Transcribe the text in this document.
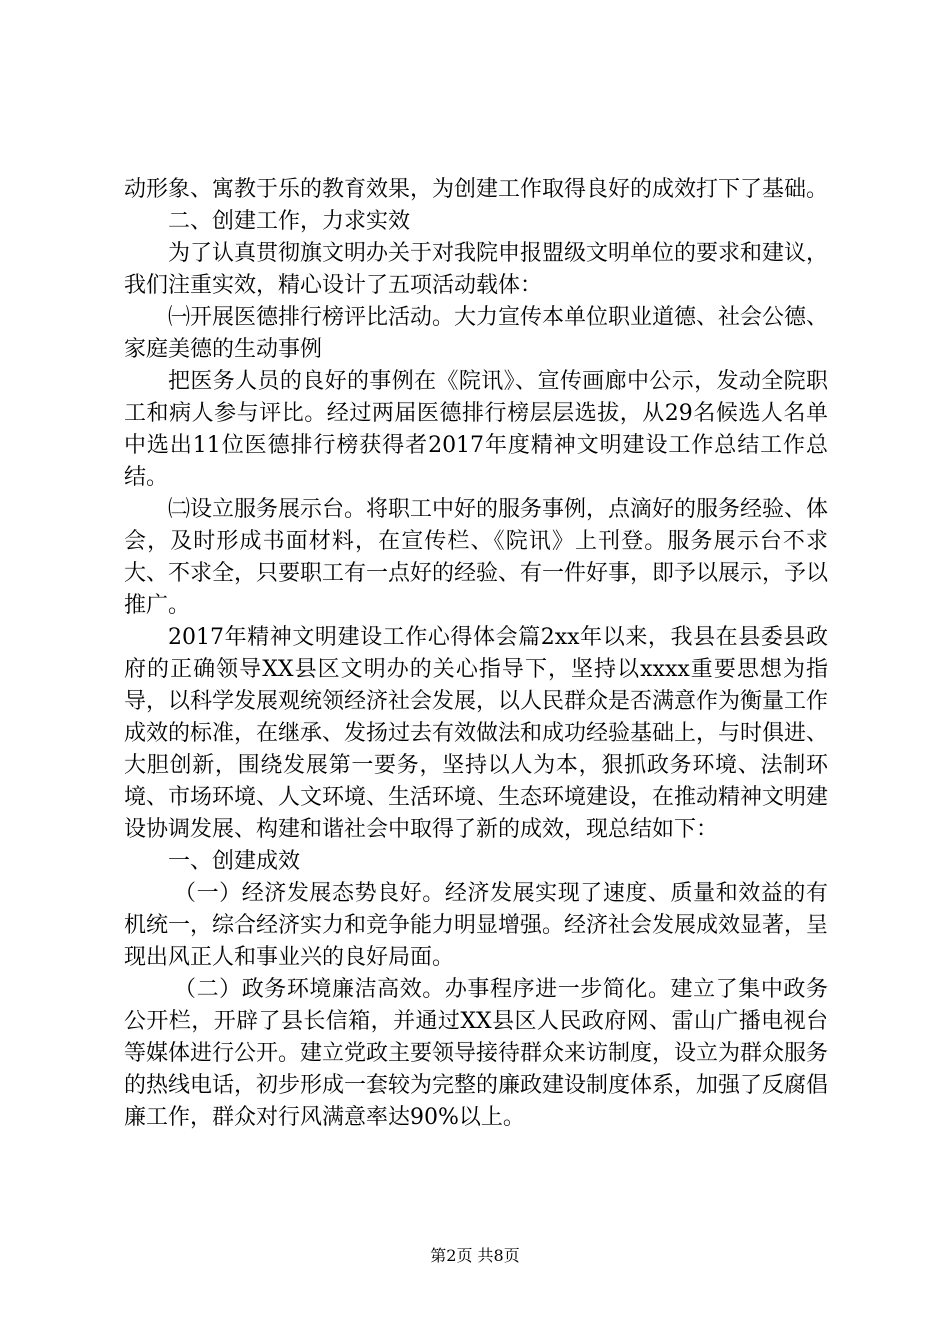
动形象、寓教于乐的教育效果，为创建工作取得良好的成效打下了基础。

二、创建工作，力求实效

为了认真贯彻旗文明办关于对我院申报盟级文明单位的要求和建议，我们注重实效，精心设计了五项活动载体：

㈠开展医德排行榜评比活动。大力宣传本单位职业道德、社会公德、家庭美德的生动事例

把医务人员的良好的事例在《院讯》、宣传画廊中公示，发动全院职工和病人参与评比。经过两届医德排行榜层层选拔，从29名候选人名单中选出11位医德排行榜获得者2017年度精神文明建设工作总结工作总结。

㈡设立服务展示台。将职工中好的服务事例，点滴好的服务经验、体会，及时形成书面材料，在宣传栏、《院讯》上刊登。服务展示台不求大、不求全，只要职工有一点好的经验、有一件好事，即予以展示，予以推广。

2017年精神文明建设工作心得体会篇2xx年以来，我县在县委县政府的正确领导XX县区文明办的关心指导下，坚持以xxxx重要思想为指导，以科学发展观统领经济社会发展，以人民群众是否满意作为衡量工作成效的标准，在继承、发扬过去有效做法和成功经验基础上，与时俱进、大胆创新，围绕发展第一要务，坚持以人为本，狠抓政务环境、法制环境、市场环境、人文环境、生活环境、生态环境建设，在推动精神文明建设协调发展、构建和谐社会中取得了新的成效，现总结如下：

一、创建成效

（一）经济发展态势良好。经济发展实现了速度、质量和效益的有机统一，综合经济实力和竞争能力明显增强。经济社会发展成效显著，呈现出风正人和事业兴的良好局面。

（二）政务环境廉洁高效。办事程序进一步简化。建立了集中政务公开栏，开辟了县长信箱，并通过XX县区人民政府网、雷山广播电视台等媒体进行公开。建立党政主要领导接待群众来访制度，设立为群众服务的热线电话，初步形成一套较为完整的廉政建设制度体系，加强了反腐倡廉工作，群众对行风满意率达90%以上。

第2页 共8页
